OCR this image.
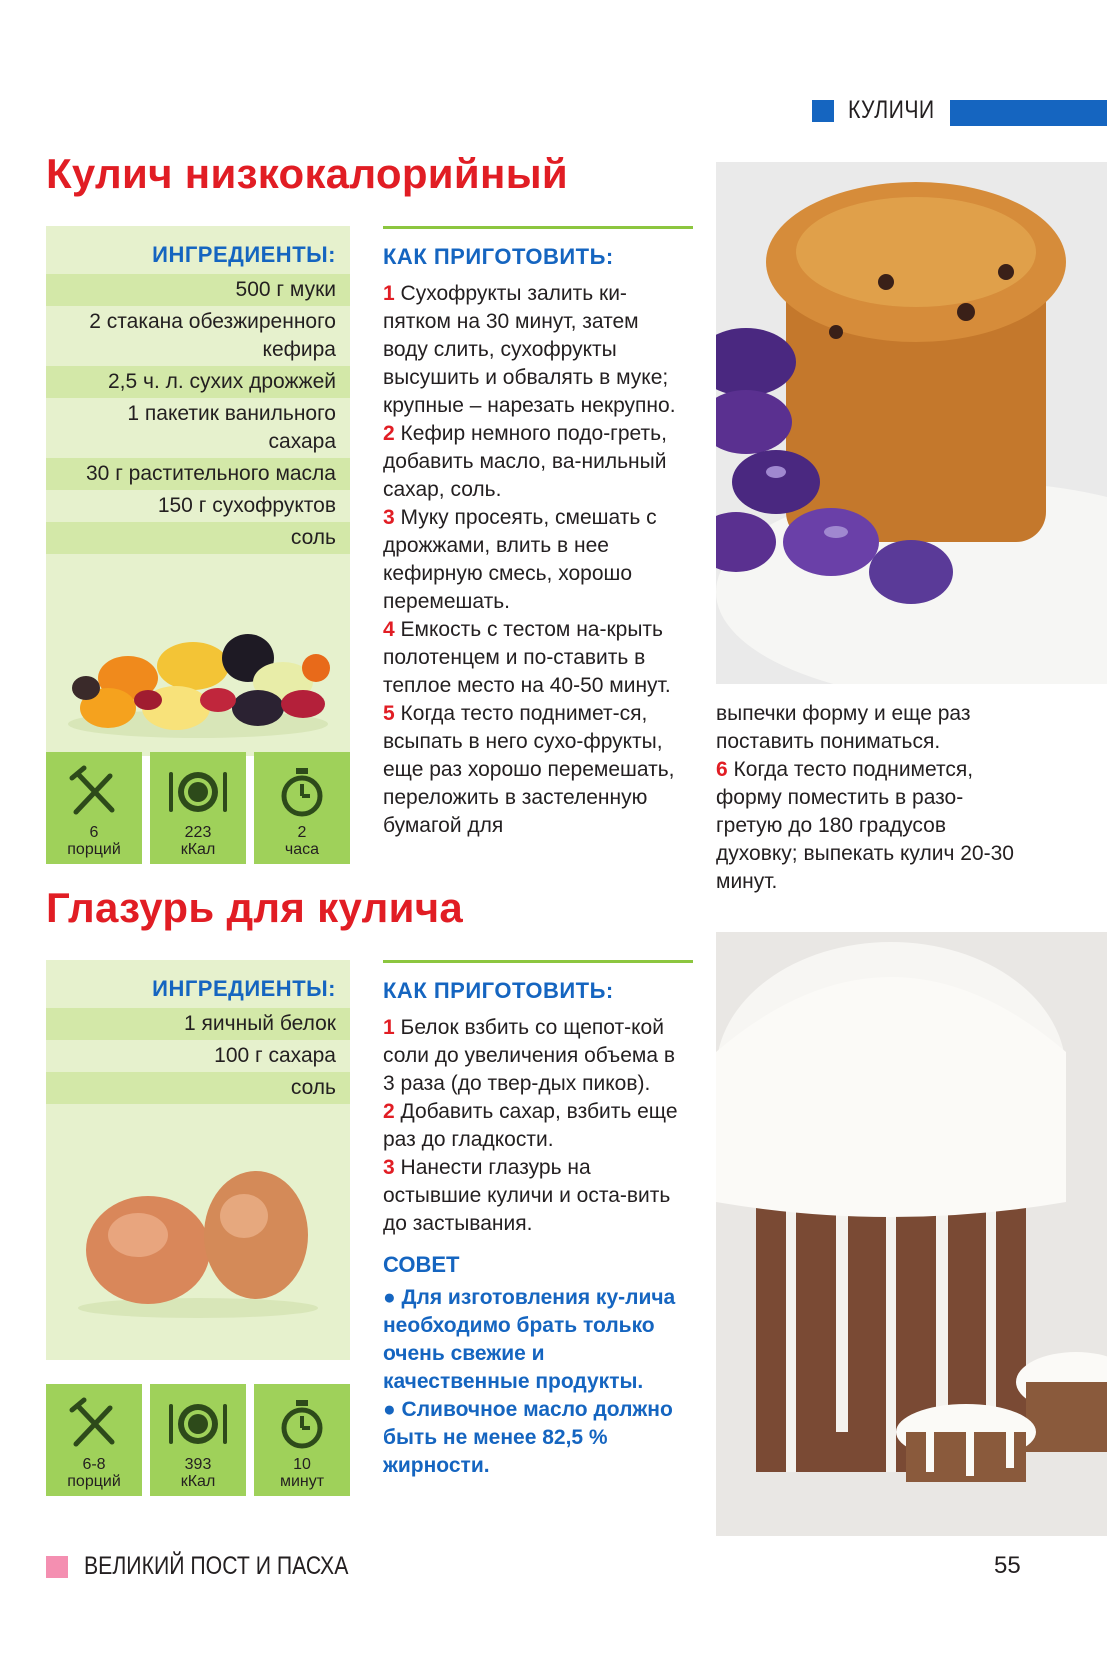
КУЛИЧИ
Кулич низкокалорийный
ИНГРЕДИЕНТЫ:
500 г муки
2 стакана обезжиренного кефира
2,5 ч. л. сухих дрожжей
1 пакетик ванильного сахара
30 г растительного масла
150 г сухофруктов
соль
6
порций
223
кКал
2
часа
КАК ПРИГОТОВИТЬ:

1 Сухофрукты залить ки-пятком на 30 минут, затем воду слить, сухофрукты высушить и обвалять в муке; крупные – нарезать некрупно.

2 Кефир немного подо-греть, добавить масло, ва-нильный сахар, соль.

3 Муку просеять, смешать с дрожжами, влить в нее кефирную смесь, хорошо перемешать.

4 Емкость с тестом на-крыть полотенцем и по-ставить в теплое место на 40-50 минут.

5 Когда тесто поднимет-ся, всыпать в него сухо-фрукты, еще раз хорошо перемешать, переложить в застеленную бумагой для

выпечки форму и еще раз поставить пониматься.

6 Когда тесто поднимется, форму поместить в разо-гретую до 180 градусов духовку; выпекать кулич 20-30 минут.

Глазурь для кулича
ИНГРЕДИЕНТЫ:
1 яичный белок
100 г сахара
соль
6-8
порций
393
кКал
10
минут
КАК ПРИГОТОВИТЬ:

1 Белок взбить со щепот-кой соли до увеличения объема в 3 раза (до твер-дых пиков).

2 Добавить сахар, взбить еще раз до гладкости.

3 Нанести глазурь на остывшие куличи и оста-вить до застывания.

СОВЕТ

● Для изготовления ку-лича необходимо брать только очень свежие и качественные продукты.

● Сливочное масло должно быть не менее 82,5 % жирности.

ВЕЛИКИЙ ПОСТ И ПАСХА	55
